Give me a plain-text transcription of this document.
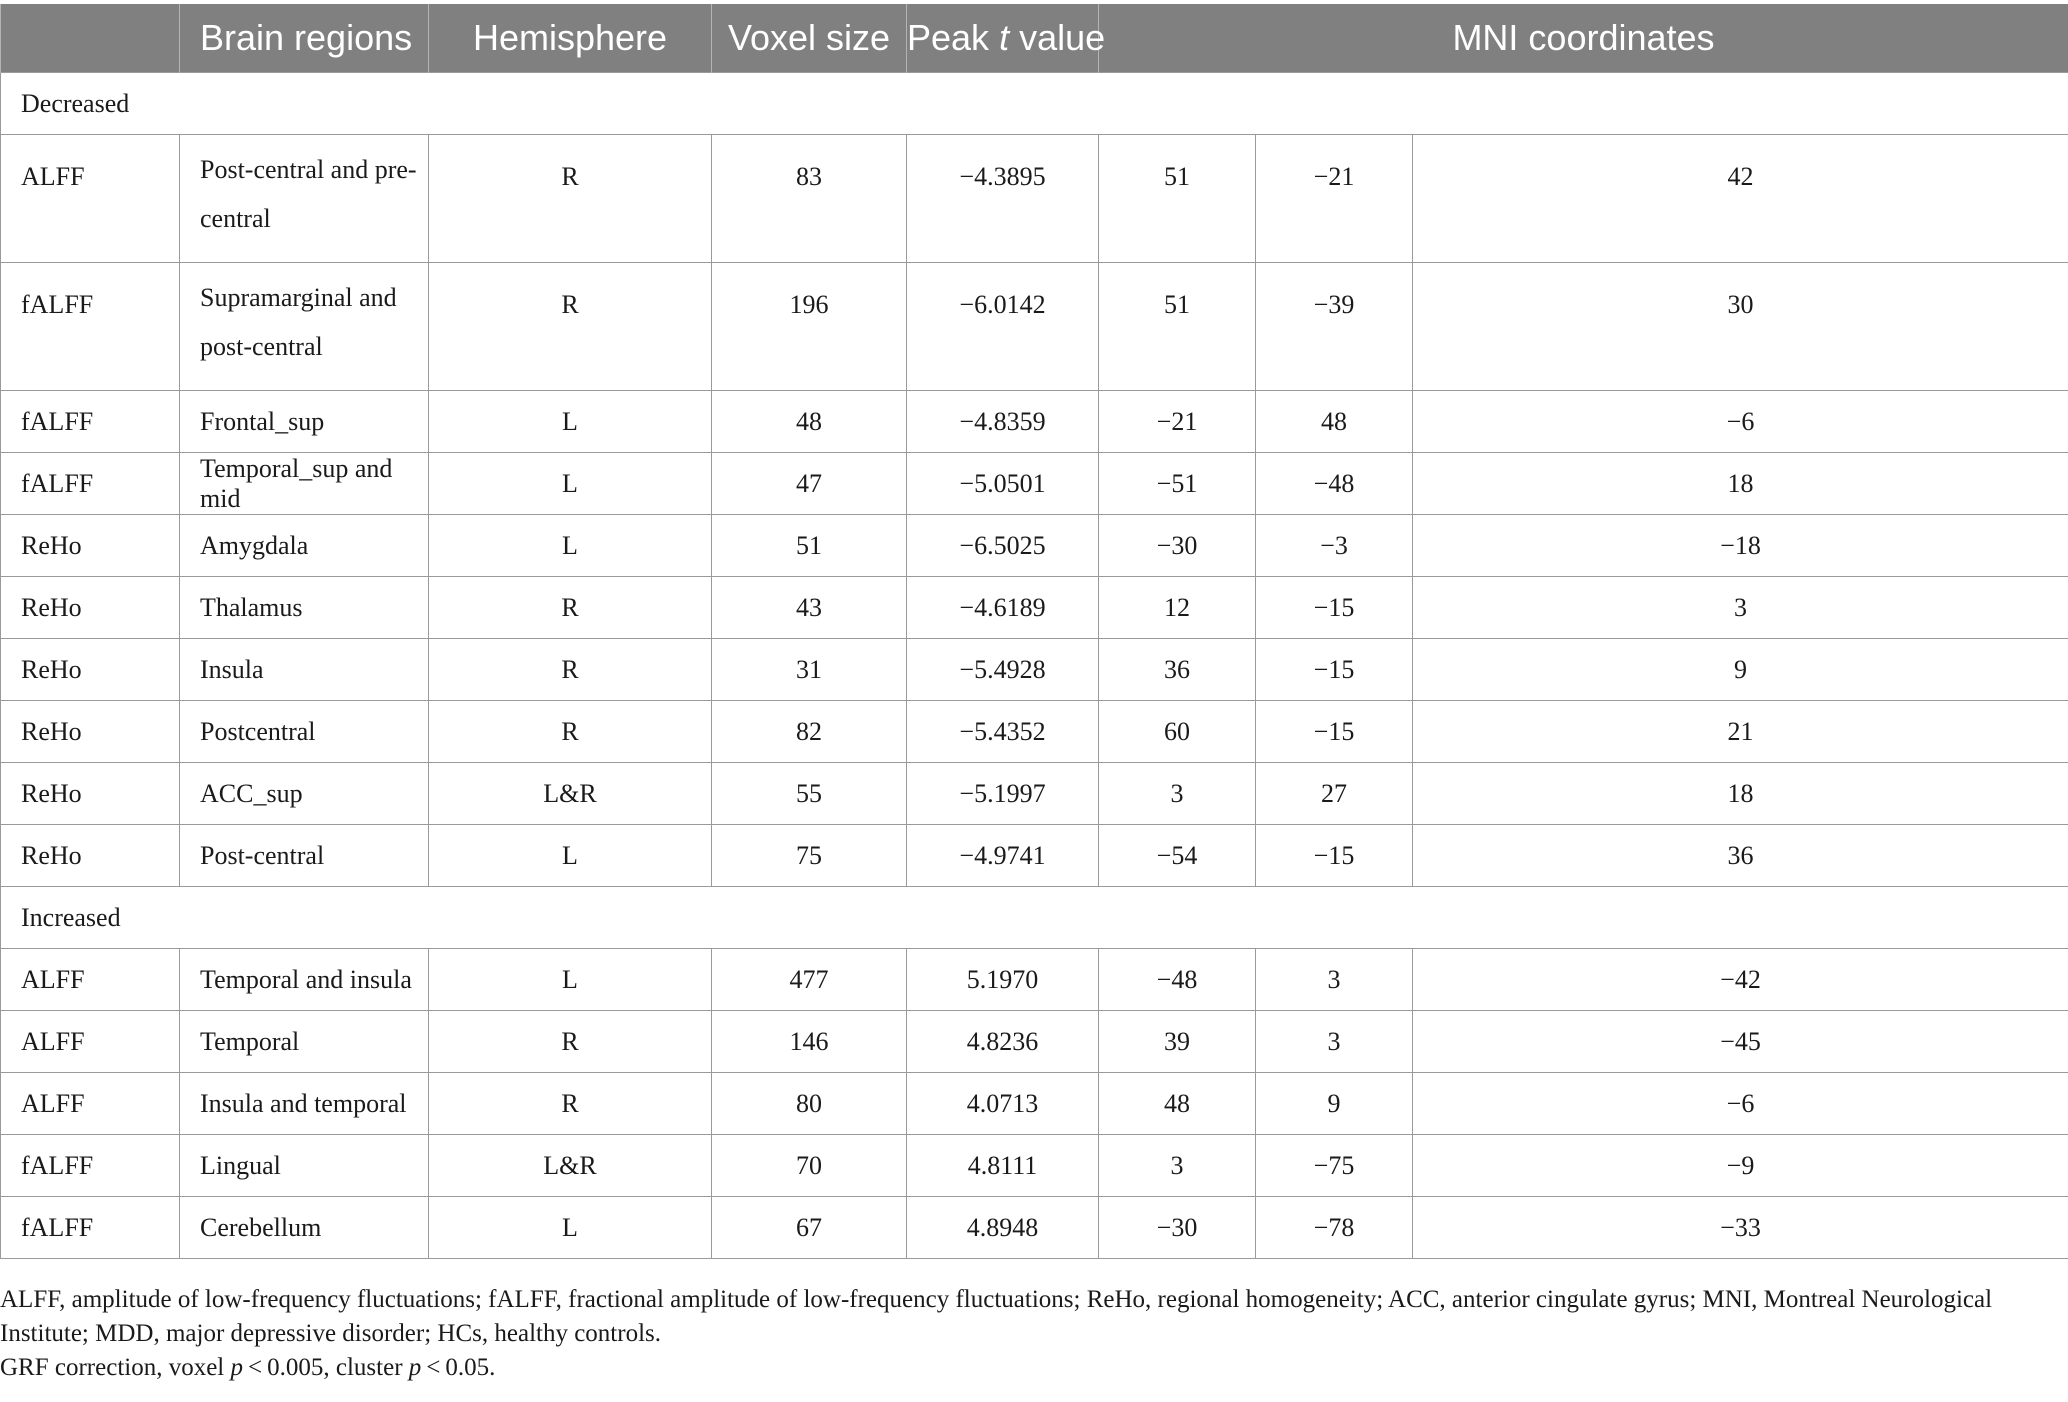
	Brain regions	Hemisphere	Voxel size	Peak t value	MNI coordinates		
Decreased							
ALFF	Post-central and pre-central	R	83	−4.3895	51	−21	42
fALFF	Supramarginal and post-central	R	196	−6.0142	51	−39	30
fALFF	Frontal_sup	L	48	−4.8359	−21	48	−6
fALFF	Temporal_sup and mid	L	47	−5.0501	−51	−48	18
ReHo	Amygdala	L	51	−6.5025	−30	−3	−18
ReHo	Thalamus	R	43	−4.6189	12	−15	3
ReHo	Insula	R	31	−5.4928	36	−15	9
ReHo	Postcentral	R	82	−5.4352	60	−15	21
ReHo	ACC_sup	L&R	55	−5.1997	3	27	18
ReHo	Post-central	L	75	−4.9741	−54	−15	36
Increased							
ALFF	Temporal and insula	L	477	5.1970	−48	3	−42
ALFF	Temporal	R	146	4.8236	39	3	−45
ALFF	Insula and temporal	R	80	4.0713	48	9	−6
fALFF	Lingual	L&R	70	4.8111	3	−75	−9
fALFF	Cerebellum	L	67	4.8948	−30	−78	−33

ALFF, amplitude of low-frequency fluctuations; fALFF, fractional amplitude of low-frequency fluctuations; ReHo, regional homogeneity; ACC, anterior cingulate gyrus; MNI, Montreal Neurological Institute; MDD, major depressive disorder; HCs, healthy controls.

GRF correction, voxel p < 0.005, cluster p < 0.05.
